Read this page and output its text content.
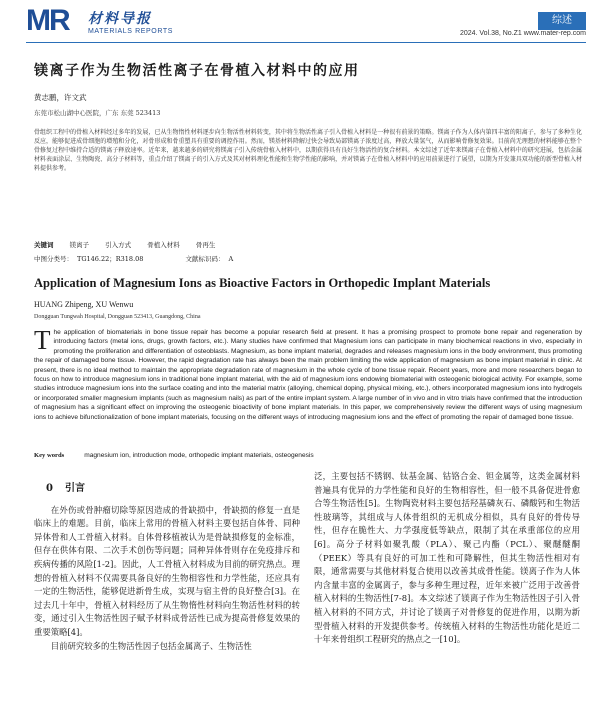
MR 材料导报
MATERIALS REPORTS
综述
2024. Vol.38, No.Z1 www.mater-rep.com
镁离子作为生物活性离子在骨植入材料中的应用
黄志鹏，许文武
东莞市松山湖中心医院，广东 东莞 523413
骨组织工程中的骨植入材料经过多年的发展，已从生物惰性材料逐步向生物活性材料转变，其中将生物活性离子引入骨植入材料是一种很有前景的策略。镁离子作为人体内第四丰富的阳离子，参与了多种生化反应，能够促进成骨细胞的增殖和分化，对骨形成和骨重塑具有重要的调控作用。然而，镁基材料降解过快会导致局部镁离子浓度过高，释放大量氢气，从而影响骨修复效果。目前尚无理想的材料能够在整个骨修复过程中维持合适的镁离子释放速率。近年来，越来越多的研究将镁离子引入传统骨植入材料中，以期获得具有良好生物活性的复合材料。本文综述了近年来镁离子在骨植入材料中的研究进展，包括金属材料表面涂层、生物陶瓷、高分子材料等，重点介绍了镁离子的引入方式及其对材料理化性能和生物学性能的影响，并对镁离子在骨植入材料中的应用前景进行了展望，以期为开发兼具双功能的新型骨植入材料提供参考。
关键词 镁离子 引入方式 骨植入材料 骨再生
中图分类号： TG146.22；R318.08	文献标识码： A
Application of Magnesium Ions as Bioactive Factors in Orthopedic Implant Materials
HUANG Zhipeng, XU Wenwu
Dongguan Tungwah Hospital, Dongguan 523413, Guangdong, China
The application of biomaterials in bone tissue repair has become a popular research field at present. It has a promising prospect to promote bone repair and regeneration by introducing factors (metal ions, drugs, growth factors, etc.). Many studies have confirmed that Magnesium ions can participate in many biochemical reactions in vivo, especially in promoting the proliferation and differentiation of osteoblasts. Magnesium, as bone implant material, degrades and releases magnesium ions in the body environment, thus promoting the repair of damaged bone tissue. However, the rapid degradation rate has always been the main problem limiting the wide application of magnesium as bone implant material in clinic. At present, there is no ideal method to maintain the appropriate degradation rate of magnesium in the whole cycle of bone tissue repair. Recent years, more and more researchers began to focus on how to introduce magnesium ions in traditional bone implant material, with the aid of magnesium ions endowing biomaterial with osteogenic biological activity. For example, some studies introduce magnesium ions into the surface coating and into the material matrix (alloying, chemical doping, physical mixing, etc.), others incorporated magnesium ions into hydrogels or incorporated smaller magnesium implants (such as magnesium nails) as part of the entire implant system. A large number of in vivo and in vitro trials have confirmed that the introduction of magnesium has a significant effect on improving the osteogenic bioactivity of bone implant materials. In this paper, we comprehensively review the different ways of using magnesium ions to achieve bifunctionalization of bone implant materials, focusing on the different ways of introducing magnesium ions and the effect of promoting the repair of damaged bone tissue.
Key words	magnesium ion, introduction mode, orthopedic implant materials, osteogenesis
0 引言

在外伤或骨肿瘤切除等原因造成的骨缺损中，骨缺损的修复一直是临床上的难题。目前，临床上常用的骨植入材料主要包括自体骨、同种异体骨和人工骨植入材料。自体骨移植被认为是骨缺损修复的金标准，但存在供体有限、二次手术创伤等问题；同种异体骨则存在免疫排斥和疾病传播的风险[1-2]。因此，人工骨植入材料成为目前的研究热点。理想的骨植入材料不仅需要具备良好的生物相容性和力学性能，还应具有一定的生物活性，能够促进新骨生成，实现与宿主骨的良好整合[3]。在过去几十年中，骨植入材料经历了从生物惰性材料向生物活性材料的转变，通过引入生物活性因子赋予材料成骨活性已成为提高骨修复效果的重要策略[4]。

目前研究较多的生物活性因子包括金属离子、生物活性

泛，主要包括不锈钢、钛基金属、钴铬合金、钽金属等，这类金属材料普遍具有优异的力学性能和良好的生物相容性，但一般不具备促进骨愈合等生物活性[5]。生物陶瓷材料主要包括羟基磷灰石、磷酸钙和生物活性玻璃等，其组成与人体骨组织的无机成分相似，具有良好的骨传导性，但存在脆性大、力学强度低等缺点，限制了其在承重部位的应用[6]。高分子材料如聚乳酸（PLA）、聚己内酯（PCL）、聚醚醚酮（PEEK）等具有良好的可加工性和可降解性，但其生物活性相对有限，通常需要与其他材料复合使用以改善其成骨性能。镁离子作为人体内含量丰富的金属离子，参与多种生理过程，近年来被广泛用于改善骨植入材料的生物活性[7-8]。本文综述了镁离子作为生物活性因子引入骨植入材料的不同方式，并讨论了镁离子对骨修复的促进作用，以期为新型骨植入材料的开发提供参考。传统植入材料的生物活性功能化是近二十年来骨组织工程研究的热点之一[10]。
